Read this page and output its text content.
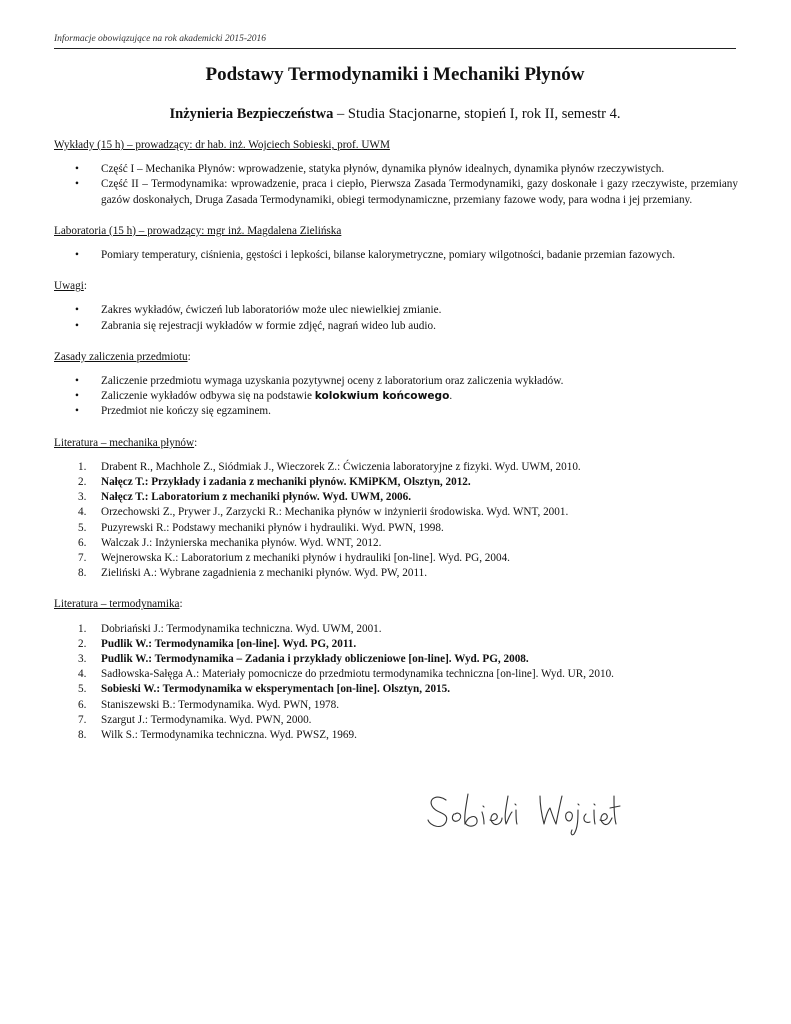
Informacje obowiązujące na rok akademicki 2015-2016
Podstawy Termodynamiki i Mechaniki Płynów
Inżynieria Bezpieczeństwa – Studia Stacjonarne, stopień I, rok II, semestr 4.

Wykłady (15 h) – prowadzący: dr hab. inż. Wojciech Sobieski, prof. UWM

• Część I – Mechanika Płynów: wprowadzenie, statyka płynów, dynamika płynów idealnych, dynamika płynów rzeczywistych.
• Część II – Termodynamika: wprowadzenie, praca i ciepło, Pierwsza Zasada Termodynamiki, gazy doskonałe i gazy rzeczywiste, przemiany gazów doskonałych, Druga Zasada Termodynamiki, obiegi termodynamiczne, przemiany fazowe wody, para wodna i jej przemiany.

Laboratoria (15 h) – prowadzący: mgr inż. Magdalena Zielińska

• Pomiary temperatury, ciśnienia, gęstości i lepkości, bilanse kalorymetryczne, pomiary wilgotności, badanie przemian fazowych.

Uwagi:

• Zakres wykładów, ćwiczeń lub laboratoriów może ulec niewielkiej zmianie.
• Zabrania się rejestracji wykładów w formie zdjęć, nagrań wideo lub audio.

Zasady zaliczenia przedmiotu:

• Zaliczenie przedmiotu wymaga uzyskania pozytywnej oceny z laboratorium oraz zaliczenia wykładów.
• Zaliczenie wykładów odbywa się na podstawie kolokwium końcowego.
• Przedmiot nie kończy się egzaminem.

Literatura – mechanika płynów:

1. Drabent R., Machhole Z., Siódmiak J., Wieczorek Z.: Ćwiczenia laboratoryjne z fizyki. Wyd. UWM, 2010.
2. Nałęcz T.: Przykłady i zadania z mechaniki płynów. KMiPKM, Olsztyn, 2012.
3. Nałęcz T.: Laboratorium z mechaniki płynów. Wyd. UWM, 2006.
4. Orzechowski Z., Prywer J., Zarzycki R.: Mechanika płynów w inżynierii środowiska. Wyd. WNT, 2001.
5. Puzyrewski R.: Podstawy mechaniki płynów i hydrauliki. Wyd. PWN, 1998.
6. Walczak J.: Inżynierska mechanika płynów. Wyd. WNT, 2012.
7. Wejnerowska K.: Laboratorium z mechaniki płynów i hydrauliki [on-line]. Wyd. PG, 2004.
8. Zieliński A.: Wybrane zagadnienia z mechaniki płynów. Wyd. PW, 2011.

Literatura – termodynamika:

1. Dobriański J.: Termodynamika techniczna. Wyd. UWM, 2001.
2. Pudlik W.: Termodynamika [on-line]. Wyd. PG, 2011.
3. Pudlik W.: Termodynamika – Zadania i przykłady obliczeniowe [on-line]. Wyd. PG, 2008.
4. Sadłowska-Sałęga A.: Materiały pomocnicze do przedmiotu termodynamika techniczna [on-line]. Wyd. UR, 2010.
5. Sobieski W.: Termodynamika w eksperymentach [on-line]. Olsztyn, 2015.
6. Staniszewski B.: Termodynamika. Wyd. PWN, 1978.
7. Szargut J.: Termodynamika. Wyd. PWN, 2000.
8. Wilk S.: Termodynamika techniczna. Wyd. PWSZ, 1969.
